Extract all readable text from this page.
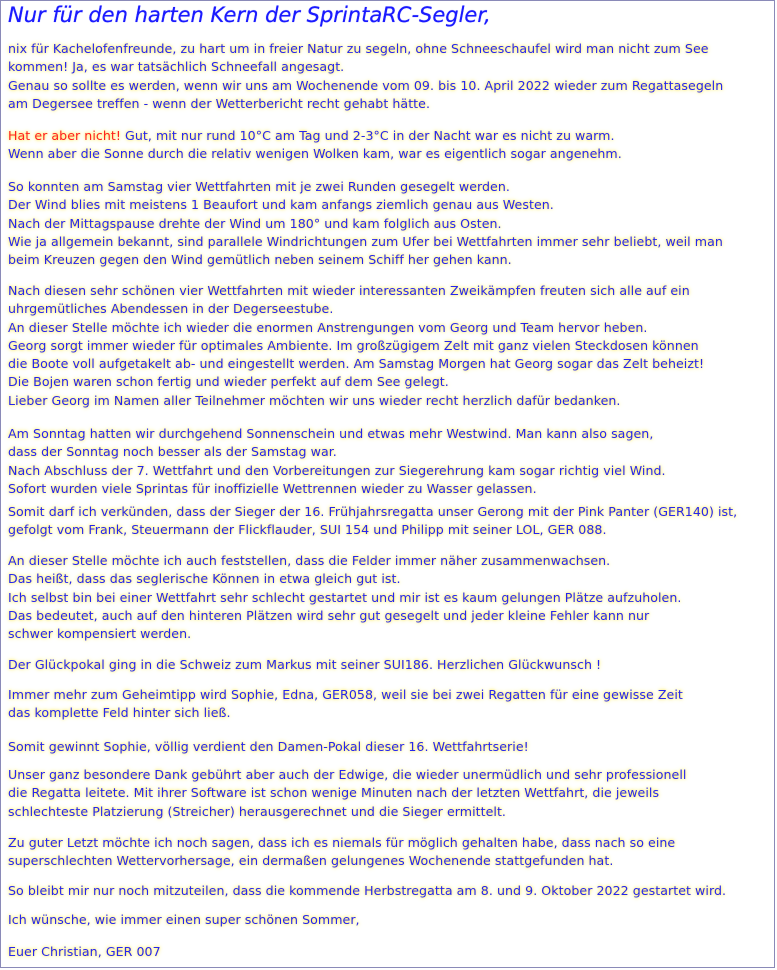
Nur für den harten Kern der SprintaRC-Segler,
nix für Kachelofenfreunde, zu hart um in freier Natur zu segeln, ohne Schneeschaufel wird man nicht zum See
kommen! Ja, es war tatsächlich Schneefall angesagt.
Genau so sollte es werden, wenn wir uns am Wochenende vom 09. bis 10. April 2022 wieder zum Regattasegeln
am Degersee treffen - wenn der Wetterbericht recht gehabt hätte.
Hat er aber nicht! Gut, mit nur rund 10°C am Tag und 2-3°C in der Nacht war es nicht zu warm.
Wenn aber die Sonne durch die relativ wenigen Wolken kam, war es eigentlich sogar angenehm.
So konnten am Samstag vier Wettfahrten mit je zwei Runden gesegelt werden.
Der Wind blies mit meistens 1 Beaufort und kam anfangs ziemlich genau aus Westen.
Nach der Mittagspause drehte der Wind um 180° und kam folglich aus Osten.
Wie ja allgemein bekannt, sind parallele Windrichtungen zum Ufer bei Wettfahrten immer sehr beliebt, weil man
beim Kreuzen gegen den Wind gemütlich neben seinem Schiff her gehen kann.
Nach diesen sehr schönen vier Wettfahrten mit wieder interessanten Zweikämpfen freuten sich alle auf ein
uhrgemütliches Abendessen in der Degerseestube.
An dieser Stelle möchte ich wieder die enormen Anstrengungen vom Georg und Team hervor heben.
Georg sorgt immer wieder für optimales Ambiente. Im großzügigem Zelt mit ganz vielen Steckdosen können
die Boote voll aufgetakelt ab- und eingestellt werden. Am Samstag Morgen hat Georg sogar das Zelt beheizt!
Die Bojen waren schon fertig und wieder perfekt auf dem See gelegt.
Lieber Georg im Namen aller Teilnehmer möchten wir uns wieder recht herzlich dafür bedanken.
Am Sonntag hatten wir durchgehend Sonnenschein und etwas mehr Westwind. Man kann also sagen,
dass der Sonntag noch besser als der Samstag war.
Nach Abschluss der 7. Wettfahrt und den Vorbereitungen zur Siegerehrung kam sogar richtig viel Wind.
Sofort wurden viele Sprintas für inoffizielle Wettrennen wieder zu Wasser gelassen.
Somit darf ich verkünden, dass der Sieger der 16. Frühjahrsregatta unser Gerong mit der Pink Panter (GER140) ist,
gefolgt vom Frank, Steuermann der Flickflauder, SUI 154 und Philipp mit seiner LOL, GER 088.
An dieser Stelle möchte ich auch feststellen, dass die Felder immer näher zusammenwachsen.
Das heißt, dass das seglerische Können in etwa gleich gut ist.
Ich selbst bin bei einer Wettfahrt sehr schlecht gestartet und mir ist es kaum gelungen Plätze aufzuholen.
Das bedeutet, auch auf den hinteren Plätzen wird sehr gut gesegelt und jeder kleine Fehler kann nur
schwer kompensiert werden.
Der Glückpokal ging in die Schweiz zum Markus mit seiner SUI186. Herzlichen Glückwunsch !
Immer mehr zum Geheimtipp wird Sophie, Edna, GER058, weil sie bei zwei Regatten für eine gewisse Zeit
das komplette Feld hinter sich ließ.
Somit gewinnt Sophie, völlig verdient den Damen-Pokal dieser 16. Wettfahrtserie!
Unser ganz besondere Dank gebührt aber auch der Edwige, die wieder unermüdlich und sehr professionell
die Regatta leitete. Mit ihrer Software ist schon wenige Minuten nach der letzten Wettfahrt, die jeweils
schlechteste Platzierung (Streicher) herausgerechnet und die Sieger ermittelt.
Zu guter Letzt möchte ich noch sagen, dass ich es niemals für möglich gehalten habe, dass nach so eine
superschlechten Wettervorhersage, ein dermaßen gelungenes Wochenende stattgefunden hat.
So bleibt mir nur noch mitzuteilen, dass die kommende Herbstregatta am 8. und 9. Oktober 2022 gestartet wird.
Ich wünsche, wie immer einen super schönen Sommer,
Euer Christian, GER 007
